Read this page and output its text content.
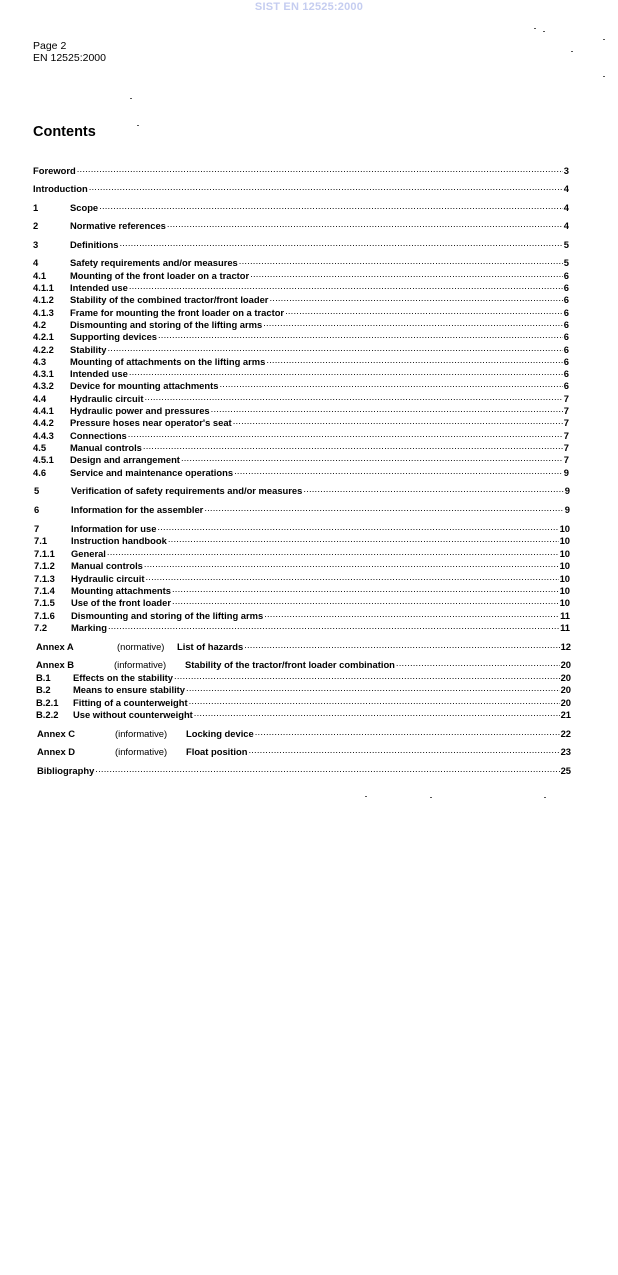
SIST EN 12525:2000
Page 2
EN 12525:2000
Contents
Foreword .....	3
Introduction .....	4
1	Scope .....	4
2	Normative references .....	4
3	Definitions .....	5
4	Safety requirements and/or measures .....	5
4.1	Mounting of the front loader on a tractor .....	6
4.1.1	Intended use .....	6
4.1.2	Stability of the combined tractor/front loader .....	6
4.1.3	Frame for mounting the front loader on a tractor .....	6
4.2	Dismounting and storing of the lifting arms .....	6
4.2.1	Supporting devices .....	6
4.2.2	Stability .....	6
4.3	Mounting of attachments on the lifting arms .....	6
4.3.1	Intended use .....	6
4.3.2	Device for mounting attachments .....	6
4.4	Hydraulic circuit .....	7
4.4.1	Hydraulic power and pressures .....	7
4.4.2	Pressure hoses near operator's seat .....	7
4.4.3	Connections .....	7
4.5	Manual controls .....	7
4.5.1	Design and arrangement .....	7
4.6	Service and maintenance operations .....	9
5	Verification of safety requirements and/or measures .....	9
6	Information for the assembler .....	9
7	Information for use .....	10
7.1	Instruction handbook .....	10
7.1.1	General .....	10
7.1.2	Manual controls .....	10
7.1.3	Hydraulic circuit .....	10
7.1.4	Mounting attachments .....	10
7.1.5	Use of the front loader .....	10
7.1.6	Dismounting and storing of the lifting arms .....	11
7.2	Marking .....	11
Annex A	(normative)	List of hazards .....	12
Annex B	(informative)	Stability of the tractor/front loader combination .....	20
B.1	Effects on the stability .....	20
B.2	Means to ensure stability .....	20
B.2.1	Fitting of a counterweight .....	20
B.2.2	Use without counterweight .....	21
Annex C	(informative)	Locking device .....	22
Annex D	(informative)	Float position .....	23
Bibliography .....	25
